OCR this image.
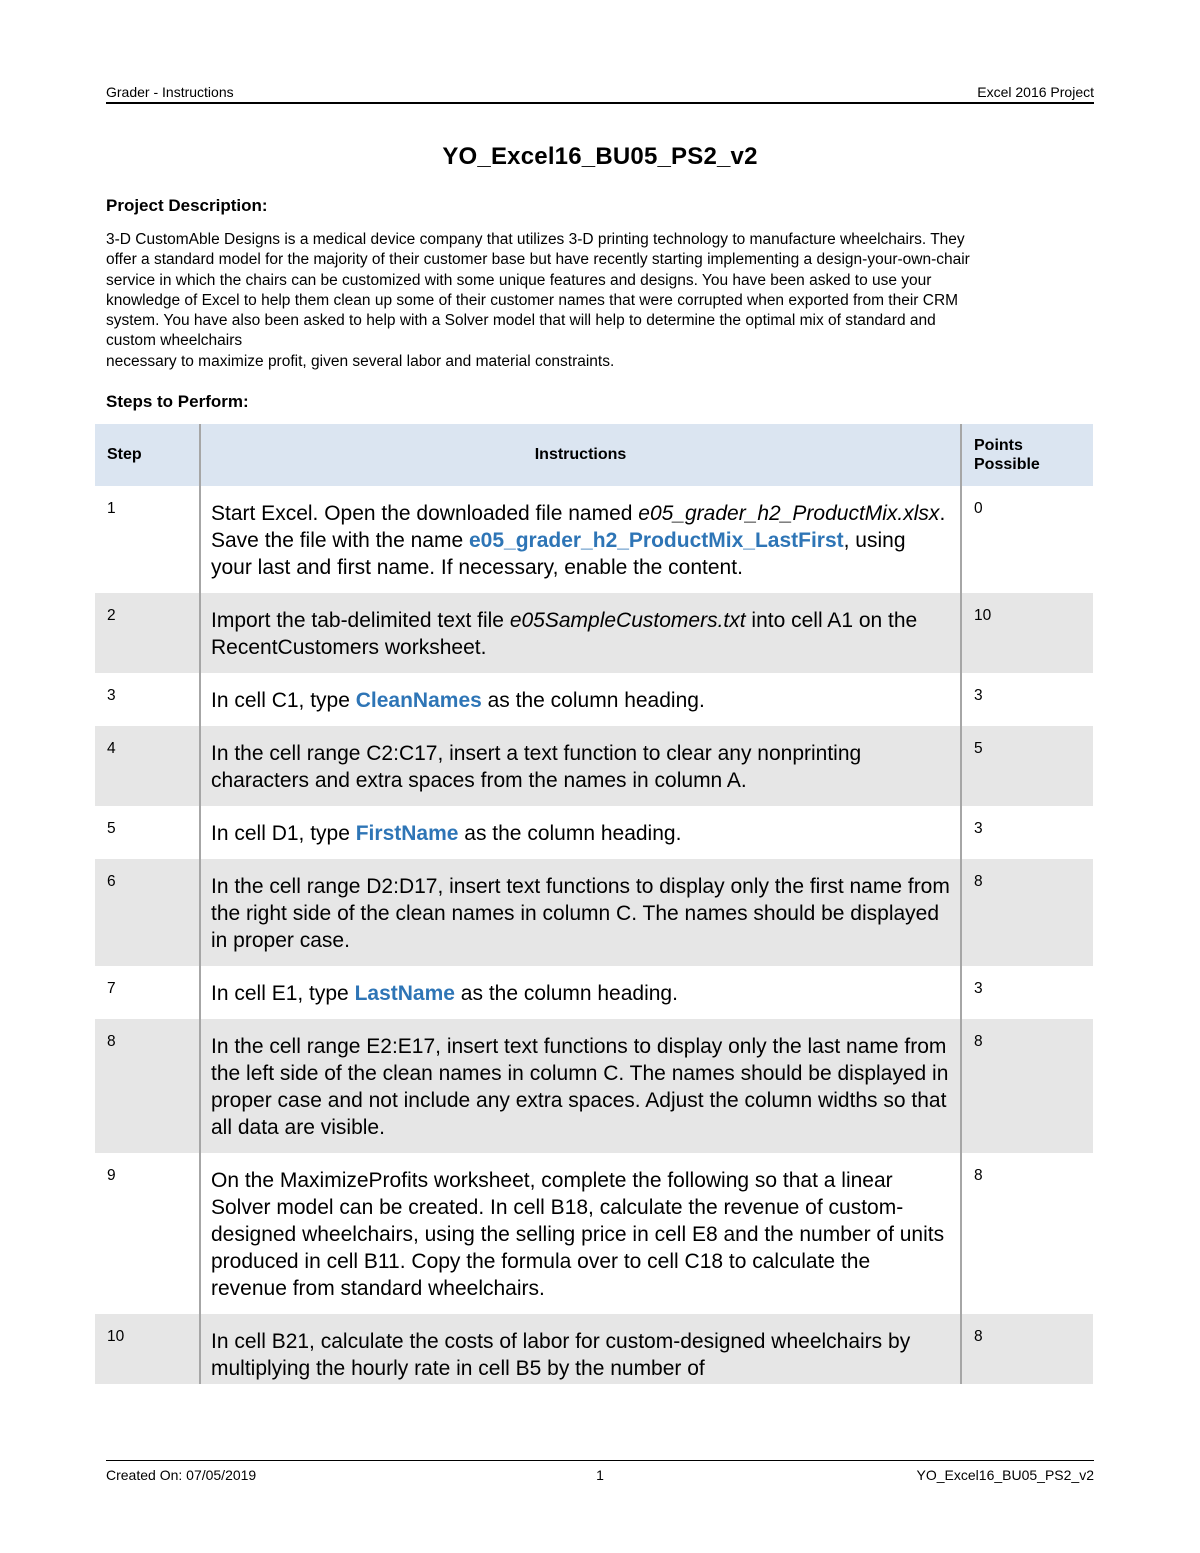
Grader - Instructions	Excel 2016 Project
YO_Excel16_BU05_PS2_v2
Project Description:

3-D CustomAble Designs is a medical device company that utilizes 3-D printing technology to manufacture wheelchairs. They

offer a standard model for the majority of their customer base but have recently starting implementing a design-your-own-chair

service in which the chairs can be customized with some unique features and designs. You have been asked to use your

knowledge of Excel to help them clean up some of their customer names that were corrupted when exported from their CRM

system. You have also been asked to help with a Solver model that will help to determine the optimal mix of standard and

custom wheelchairs

necessary to maximize profit, given several labor and material constraints.

Steps to Perform:
Step	Instructions	Points
Possible

1	Start Excel. Open the downloaded file named e05_grader_h2_ProductMix.xlsx. Save the file with the name e05_grader_h2_ProductMix_LastFirst, using your last and first name. If necessary, enable the content.	0

2	Import the tab-delimited text file e05SampleCustomers.txt into cell A1 on the RecentCustomers worksheet.	10

3	In cell C1, type CleanNames as the column heading.	3

4	In the cell range C2:C17, insert a text function to clear any nonprinting characters and extra spaces from the names in column A.	5

5	In cell D1, type FirstName as the column heading.	3

6	In the cell range D2:D17, insert text functions to display only the first name from the right side of the clean names in column C. The names should be displayed in proper case.	8

7	In cell E1, type LastName as the column heading.	3

8	In the cell range E2:E17, insert text functions to display only the last name from the left side of the clean names in column C. The names should be displayed in proper case and not include any extra spaces. Adjust the column widths so that all data are visible.	8

9	On the MaximizeProfits worksheet, complete the following so that a linear Solver model can be created. In cell B18, calculate the revenue of custom-designed wheelchairs, using the selling price in cell E8 and the number of units produced in cell B11. Copy the formula over to cell C18 to calculate the revenue from standard wheelchairs.	8

10	In cell B21, calculate the costs of labor for custom-designed wheelchairs by multiplying the hourly rate in cell B5 by the number of	8
Created On: 07/05/2019	1	YO_Excel16_BU05_PS2_v2
